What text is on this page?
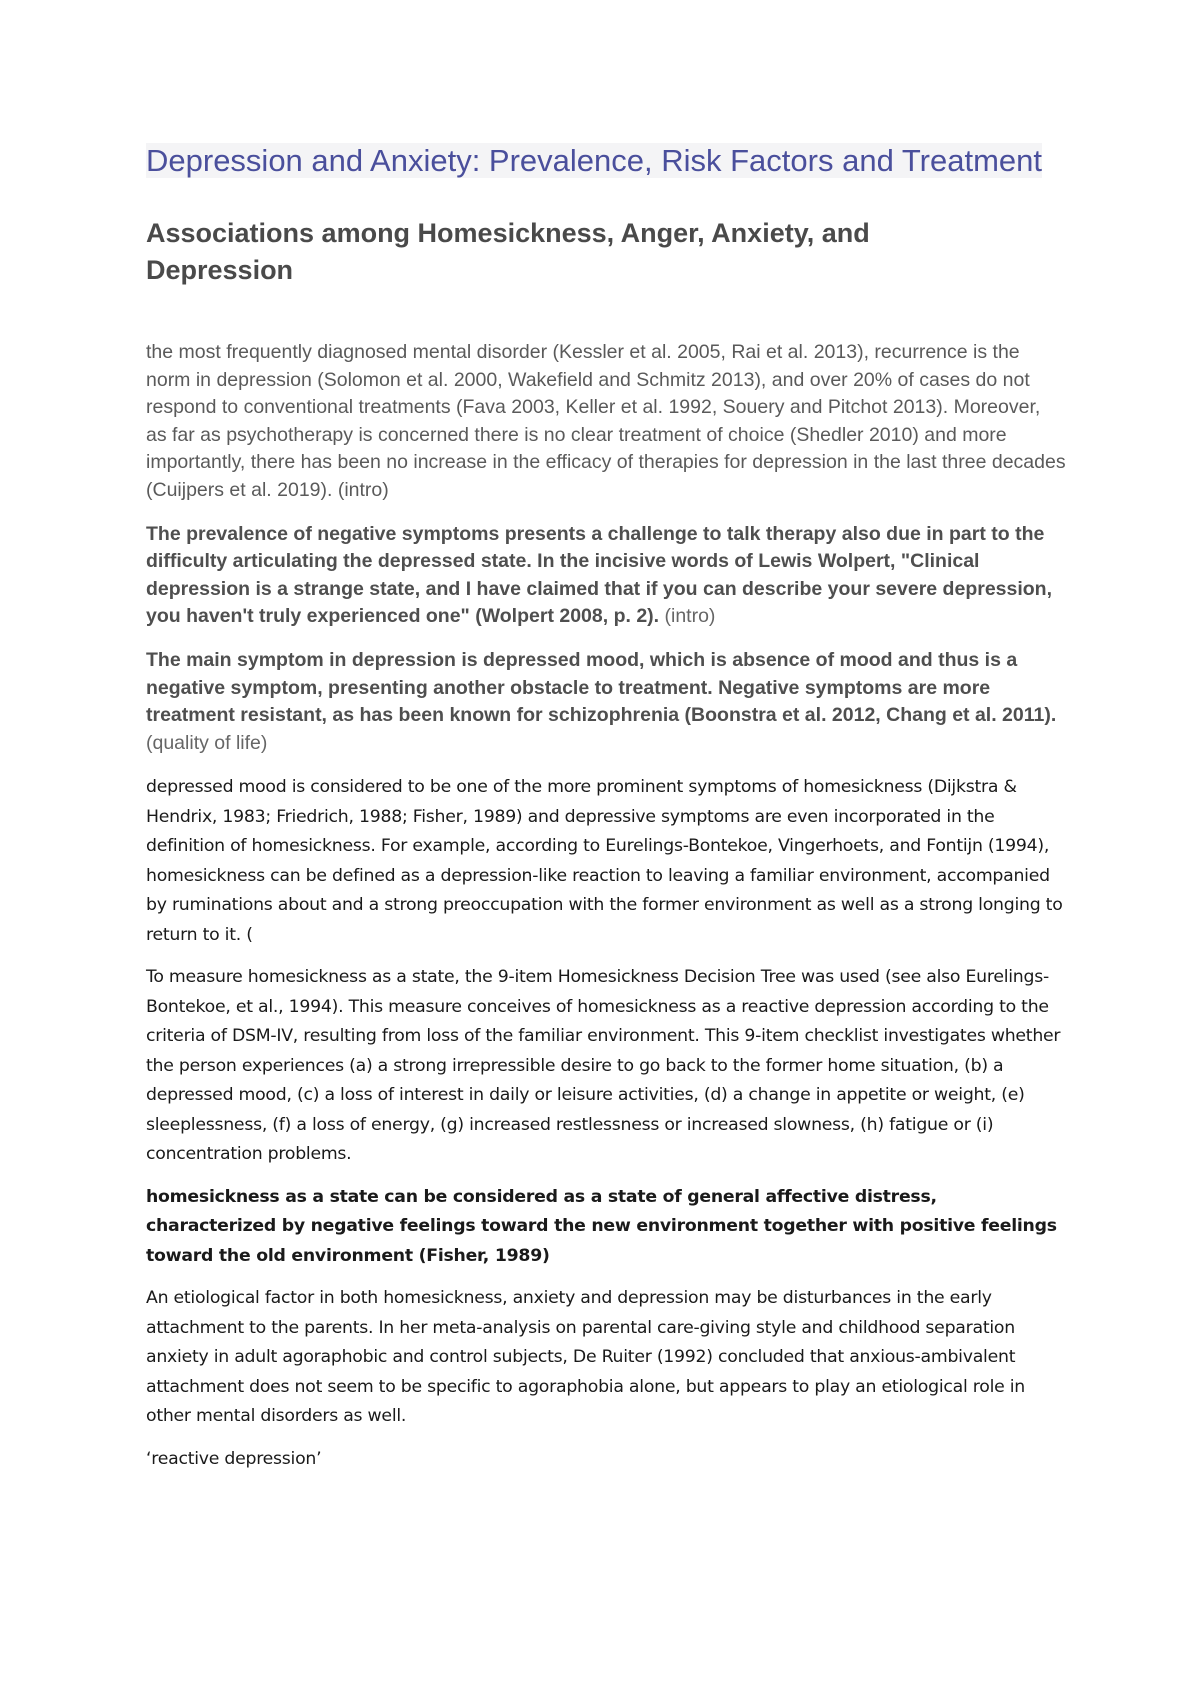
Depression and Anxiety: Prevalence, Risk Factors and Treatment
Associations among Homesickness, Anger, Anxiety, and Depression

the most frequently diagnosed mental disorder (Kessler et al. 2005, Rai et al. 2013), recurrence is the norm in depression (Solomon et al. 2000, Wakefield and Schmitz 2013), and over 20% of cases do not respond to conventional treatments (Fava 2003, Keller et al. 1992, Souery and Pitchot 2013). Moreover, as far as psychotherapy is concerned there is no clear treatment of choice (Shedler 2010) and more importantly, there has been no increase in the efficacy of therapies for depression in the last three decades (Cuijpers et al. 2019). (intro)

The prevalence of negative symptoms presents a challenge to talk therapy also due in part to the difficulty articulating the depressed state. In the incisive words of Lewis Wolpert, "Clinical depression is a strange state, and I have claimed that if you can describe your severe depression, you haven't truly experienced one" (Wolpert 2008, p. 2). (intro)

The main symptom in depression is depressed mood, which is absence of mood and thus is a negative symptom, presenting another obstacle to treatment. Negative symptoms are more treatment resistant, as has been known for schizophrenia (Boonstra et al. 2012, Chang et al. 2011). (quality of life)

depressed mood is considered to be one of the more prominent symptoms of homesickness (Dijkstra & Hendrix, 1983; Friedrich, 1988; Fisher, 1989) and depressive symptoms are even incorporated in the definition of homesickness. For example, according to Eurelings-Bontekoe, Vingerhoets, and Fontijn (1994), homesickness can be defined as a depression-like reaction to leaving a familiar environment, accompanied by ruminations about and a strong preoccupation with the former environment as well as a strong longing to return to it. (

To measure homesickness as a state, the 9-item Homesickness Decision Tree was used (see also Eurelings-Bontekoe, et al., 1994). This measure conceives of homesickness as a reactive depression according to the criteria of DSM-IV, resulting from loss of the familiar environment. This 9-item checklist investigates whether the person experiences (a) a strong irrepressible desire to go back to the former home situation, (b) a depressed mood, (c) a loss of interest in daily or leisure activities, (d) a change in appetite or weight, (e) sleeplessness, (f) a loss of energy, (g) increased restlessness or increased slowness, (h) fatigue or (i) concentration problems.

homesickness as a state can be considered as a state of general affective distress, characterized by negative feelings toward the new environment together with positive feelings toward the old environment (Fisher, 1989)

An etiological factor in both homesickness, anxiety and depression may be disturbances in the early attachment to the parents. In her meta-analysis on parental care-giving style and childhood separation anxiety in adult agoraphobic and control subjects, De Ruiter (1992) concluded that anxious-ambivalent attachment does not seem to be specific to agoraphobia alone, but appears to play an etiological role in other mental disorders as well.

‘reactive depression’
